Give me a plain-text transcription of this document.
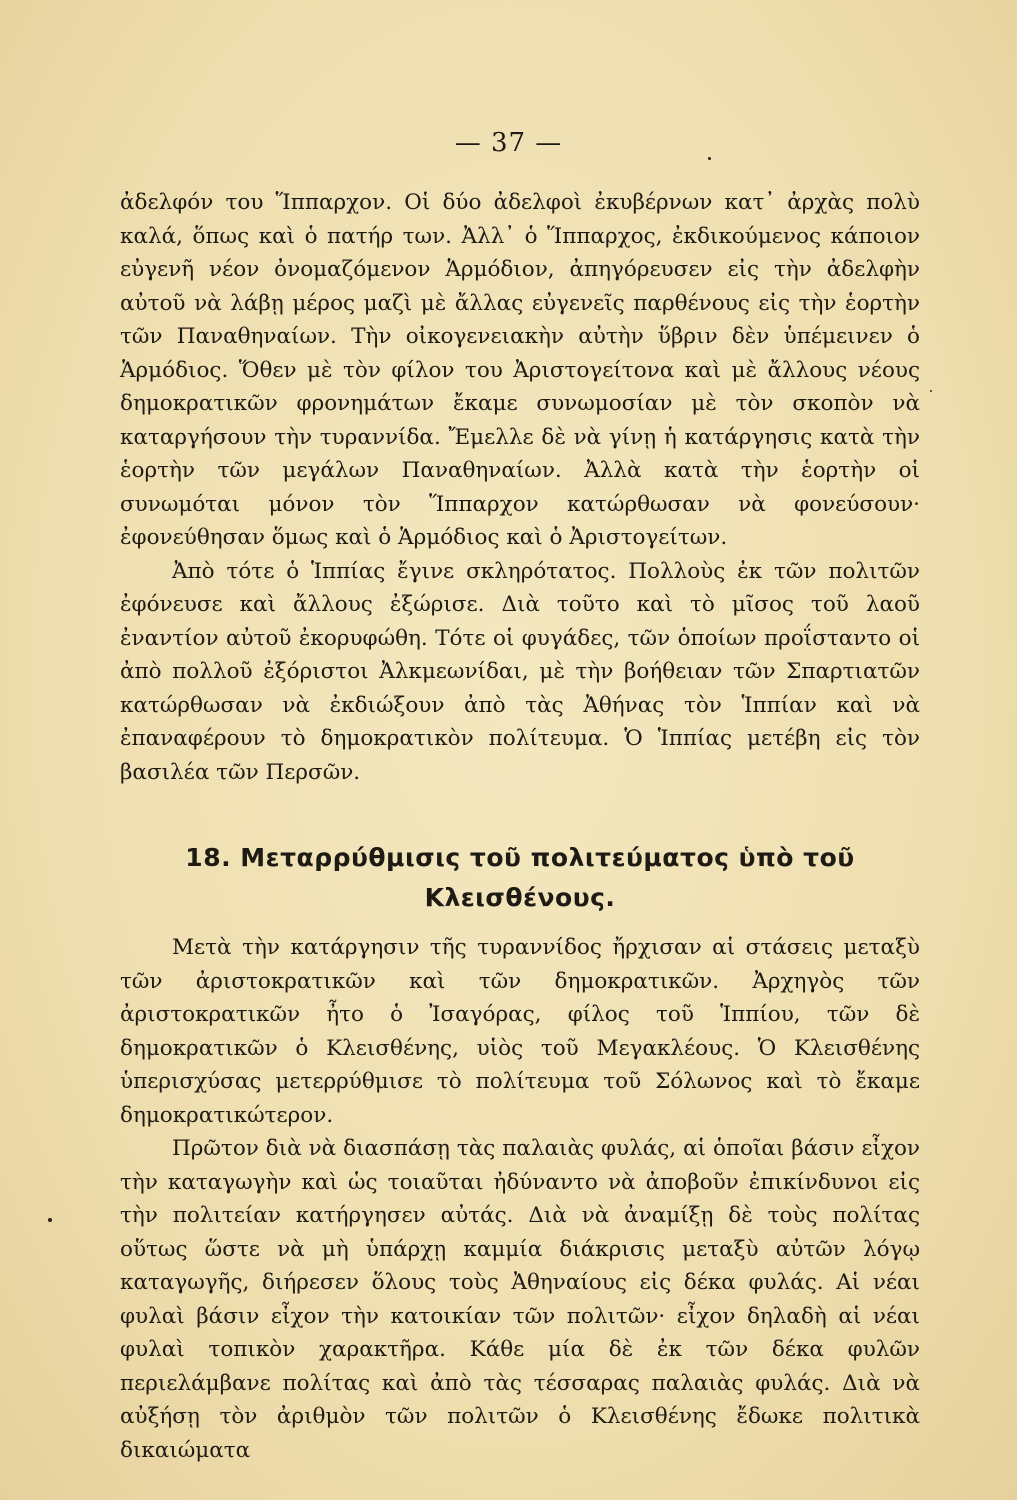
— 37 —

ἀδελφόν του Ἵππαρχον. Οἱ δύο ἀδελφοὶ ἐκυβέρνων κατ᾽ ἀρχὰς πολὺ καλά, ὅπως καὶ ὁ πατήρ των. Ἀλλ᾽ ὁ Ἵππαρχος, ἐκδικούμενος κάποιον εὐγενῆ νέον ὀνομαζόμενον Ἁρμόδιον, ἀπηγόρευσεν εἰς τὴν ἀδελφὴν αὐτοῦ νὰ λάβῃ μέρος μαζὶ μὲ ἄλλας εὐγενεῖς παρθένους εἰς τὴν ἑορτὴν τῶν Παναθηναίων. Τὴν οἰκογενειακὴν αὐτὴν ὕβριν δὲν ὑπέμεινεν ὁ Ἁρμόδιος. Ὅθεν μὲ τὸν φίλον του Ἀριστογείτονα καὶ μὲ ἄλλους νέους δημοκρατικῶν φρονημάτων ἔκαμε συνωμοσίαν μὲ τὸν σκοπὸν νὰ καταργήσουν τὴν τυραννίδα. Ἔμελλε δὲ νὰ γίνῃ ἡ κατάργησις κατὰ τὴν ἑορτὴν τῶν μεγάλων Παναθηναίων. Ἀλλὰ κατὰ τὴν ἑορτὴν οἱ συνωμόται μόνον τὸν Ἵππαρχον κατώρθωσαν νὰ φονεύσουν· ἐφονεύθησαν ὅμως καὶ ὁ Ἁρμόδιος καὶ ὁ Ἀριστογείτων.

Ἀπὸ τότε ὁ Ἱππίας ἔγινε σκληρότατος. Πολλοὺς ἐκ τῶν πολιτῶν ἐφόνευσε καὶ ἄλλους ἐξώρισε. Διὰ τοῦτο καὶ τὸ μῖσος τοῦ λαοῦ ἐναντίον αὐτοῦ ἐκορυφώθη. Τότε οἱ φυγάδες, τῶν ὁποίων προΐσταντο οἱ ἀπὸ πολλοῦ ἐξόριστοι Ἀλκμεωνίδαι, μὲ τὴν βοήθειαν τῶν Σπαρτιατῶν κατώρθωσαν νὰ ἐκδιώξουν ἀπὸ τὰς Ἀθήνας τὸν Ἱππίαν καὶ νὰ ἐπαναφέρουν τὸ δημοκρατικὸν πολίτευμα. Ὁ Ἱππίας μετέβη εἰς τὸν βασιλέα τῶν Περσῶν.

18. Μεταρρύθμισις τοῦ πολιτεύματος ὑπὸ τοῦ
Κλεισθένους.

Μετὰ τὴν κατάργησιν τῆς τυραννίδος ἤρχισαν αἱ στάσεις μεταξὺ τῶν ἀριστοκρατικῶν καὶ τῶν δημοκρατικῶν. Ἀρχηγὸς τῶν ἀριστοκρατικῶν ἦτο ὁ Ἰσαγόρας, φίλος τοῦ Ἱππίου, τῶν δὲ δημοκρατικῶν ὁ Κλεισθένης, υἱὸς τοῦ Μεγακλέους. Ὁ Κλεισθένης ὑπερισχύσας μετερρύθμισε τὸ πολίτευμα τοῦ Σόλωνος καὶ τὸ ἔκαμε δημοκρατικώτερον.

Πρῶτον διὰ νὰ διασπάσῃ τὰς παλαιὰς φυλάς, αἱ ὁποῖαι βάσιν εἶχον τὴν καταγωγὴν καὶ ὡς τοιαῦται ἠδύναντο νὰ ἀποβοῦν ἐπικίνδυνοι εἰς τὴν πολιτείαν κατήργησεν αὐτάς. Διὰ νὰ ἀναμίξῃ δὲ τοὺς πολίτας οὕτως ὥστε νὰ μὴ ὑπάρχῃ καμμία διάκρισις μεταξὺ αὐτῶν λόγῳ καταγωγῆς, διήρεσεν ὅλους τοὺς Ἀθηναίους εἰς δέκα φυλάς. Αἱ νέαι φυλαὶ βάσιν εἶχον τὴν κατοικίαν τῶν πολιτῶν· εἶχον δηλαδὴ αἱ νέαι φυλαὶ τοπικὸν χαρακτῆρα. Κάθε μία δὲ ἐκ τῶν δέκα φυλῶν περιελάμβανε πολίτας καὶ ἀπὸ τὰς τέσσαρας παλαιὰς φυλάς. Διὰ νὰ αὐξήσῃ τὸν ἀριθμὸν τῶν πολιτῶν ὁ Κλεισθένης ἔδωκε πολιτικὰ δικαιώματα
